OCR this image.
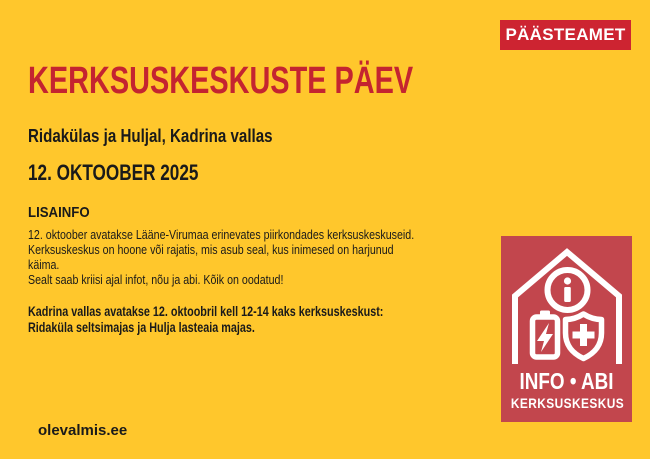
PÄÄSTEAMET
KERKSUSKESKUSTE PÄEV
Ridakülas ja Huljal, Kadrina vallas
12. OKTOOBER 2025
LISAINFO
12. oktoober avatakse Lääne-Virumaa erinevates piirkondades kerksuskeskuseid.
Kerksuskeskus on hoone või rajatis, mis asub seal, kus inimesed on harjunud
käima.
Sealt saab kriisi ajal infot, nõu ja abi. Kõik on oodatud!
Kadrina vallas avatakse 12. oktoobril kell 12-14 kaks kerksuskeskust:
Ridaküla seltsimajas ja Hulja lasteaia majas.
olevalmis.ee
INFO • ABI
KERKSUSKESKUS
